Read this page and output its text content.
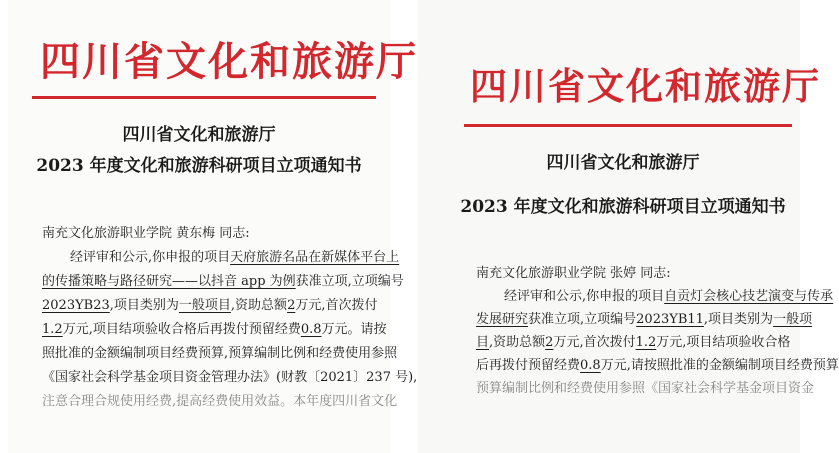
四川省文化和旅游厅
四川省文化和旅游厅
2023 年度文化和旅游科研项目立项通知书
南充文化旅游职业学院 黄东梅 同志:
经评审和公示,你申报的项目天府旅游名品在新媒体平台上
的传播策略与路径研究——以抖音 app 为例获准立项,立项编号
2023YB23,项目类别为一般项目,资助总额2万元,首次拨付
1.2万元,项目结项验收合格后再拨付预留经费0.8万元。请按
照批准的金额编制项目经费预算,预算编制比例和经费使用参照
《国家社会科学基金项目资金管理办法》(财教〔2021〕237 号),
注意合理合规使用经费,提高经费使用效益。本年度四川省文化
四川省文化和旅游厅
四川省文化和旅游厅
2023 年度文化和旅游科研项目立项通知书
南充文化旅游职业学院 张婷 同志:
经评审和公示,你申报的项目自贡灯会核心技艺演变与传承
发展研究获准立项,立项编号2023YB11,项目类别为一般项
目,资助总额2万元,首次拨付1.2万元,项目结项验收合格
后再拨付预留经费0.8万元,请按照批准的金额编制项目经费预算
预算编制比例和经费使用参照《国家社会科学基金项目资金
